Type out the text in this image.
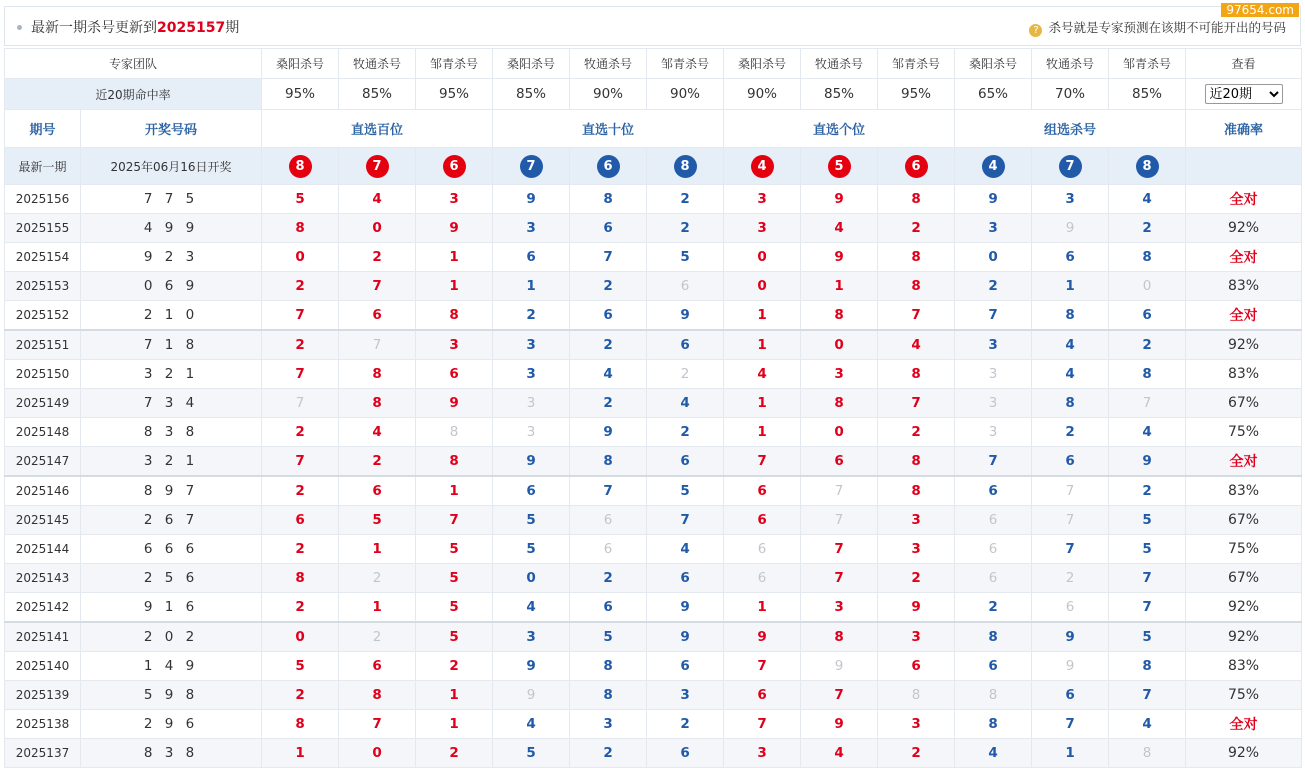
最新一期杀号更新到2025157期	? 杀号就是专家预测在该期不可能开出的号码
97654.com
专家团队		桑阳杀号	牧通杀号	邹青杀号	桑阳杀号	牧通杀号	邹青杀号	桑阳杀号	牧通杀号	邹青杀号	桑阳杀号	牧通杀号	邹青杀号	查看
近20期命中率		95%	85%	95%	85%	90%	90%	90%	85%	95%	65%	70%	85%	
近20期
期号	开奖号码	直选百位			直选十位			直选个位			组选杀号			准确率
最新一期	2025年06月16日开奖	8	7	6	7	6	8	4	5	6	4	7	8	
2025156	7 7 5	5	4	3	9	8	2	3	9	8	9	3	4	全对
2025155	4 9 9	8	0	9	3	6	2	3	4	2	3	9	2	92%
2025154	9 2 3	0	2	1	6	7	5	0	9	8	0	6	8	全对
2025153	0 6 9	2	7	1	1	2	6	0	1	8	2	1	0	83%
2025152	2 1 0	7	6	8	2	6	9	1	8	7	7	8	6	全对
2025151	7 1 8	2	7	3	3	2	6	1	0	4	3	4	2	92%
2025150	3 2 1	7	8	6	3	4	2	4	3	8	3	4	8	83%
2025149	7 3 4	7	8	9	3	2	4	1	8	7	3	8	7	67%
2025148	8 3 8	2	4	8	3	9	2	1	0	2	3	2	4	75%
2025147	3 2 1	7	2	8	9	8	6	7	6	8	7	6	9	全对
2025146	8 9 7	2	6	1	6	7	5	6	7	8	6	7	2	83%
2025145	2 6 7	6	5	7	5	6	7	6	7	3	6	7	5	67%
2025144	6 6 6	2	1	5	5	6	4	6	7	3	6	7	5	75%
2025143	2 5 6	8	2	5	0	2	6	6	7	2	6	2	7	67%
2025142	9 1 6	2	1	5	4	6	9	1	3	9	2	6	7	92%
2025141	2 0 2	0	2	5	3	5	9	9	8	3	8	9	5	92%
2025140	1 4 9	5	6	2	9	8	6	7	9	6	6	9	8	83%
2025139	5 9 8	2	8	1	9	8	3	6	7	8	8	6	7	75%
2025138	2 9 6	8	7	1	4	3	2	7	9	3	8	7	4	全对
2025137	8 3 8	1	0	2	5	2	6	3	4	2	4	1	8	92%
